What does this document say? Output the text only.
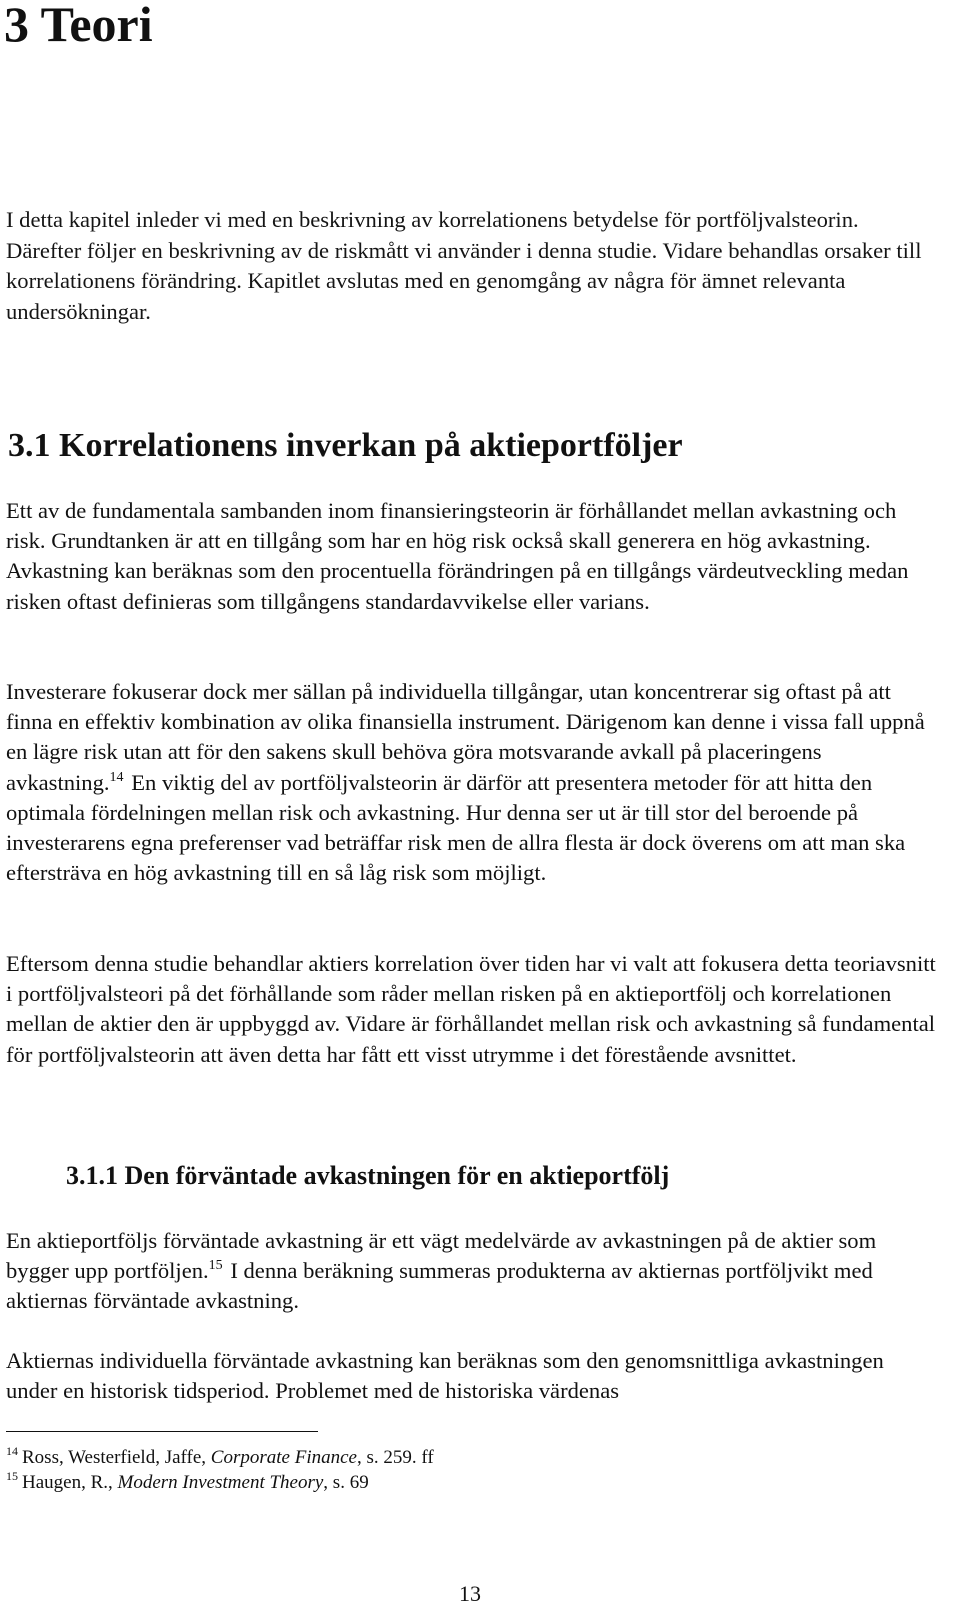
3 Teori

I detta kapitel inleder vi med en beskrivning av korrelationens betydelse för portföljvalsteorin. Därefter följer en beskrivning av de riskmått vi använder i denna studie. Vidare behandlas orsaker till korrelationens förändring. Kapitlet avslutas med en genomgång av några för ämnet relevanta undersökningar.

3.1 Korrelationens inverkan på aktieportföljer

Ett av de fundamentala sambanden inom finansieringsteorin är förhållandet mellan avkastning och risk. Grundtanken är att en tillgång som har en hög risk också skall generera en hög avkastning. Avkastning kan beräknas som den procentuella förändringen på en tillgångs värdeutveckling medan risken oftast definieras som tillgångens standardavvikelse eller varians.

Investerare fokuserar dock mer sällan på individuella tillgångar, utan koncentrerar sig oftast på att finna en effektiv kombination av olika finansiella instrument. Därigenom kan denne i vissa fall uppnå en lägre risk utan att för den sakens skull behöva göra motsvarande avkall på placeringens avkastning.$^{14}$ En viktig del av portföljvalsteorin är därför att presentera metoder för att hitta den optimala fördelningen mellan risk och avkastning. Hur denna ser ut är till stor del beroende på investerarens egna preferenser vad beträffar risk men de allra flesta är dock överens om att man ska eftersträva en hög avkastning till en så låg risk som möjligt.

Eftersom denna studie behandlar aktiers korrelation över tiden har vi valt att fokusera detta teoriavsnitt i portföljvalsteori på det förhållande som råder mellan risken på en aktieportfölj och korrelationen mellan de aktier den är uppbyggd av. Vidare är förhållandet mellan risk och avkastning så fundamental för portföljvalsteorin att även detta har fått ett visst utrymme i det förestående avsnittet.

3.1.1 Den förväntade avkastningen för en aktieportfölj

En aktieportföljs förväntade avkastning är ett vägt medelvärde av avkastningen på de aktier som bygger upp portföljen.$^{15}$ I denna beräkning summeras produkterna av aktiernas portföljvikt med aktiernas förväntade avkastning.

Aktiernas individuella förväntade avkastning kan beräknas som den genomsnittliga avkastningen under en historisk tidsperiod. Problemet med de historiska värdenas

$^{14}$ Ross, Westerfield, Jaffe, Corporate Finance, s. 259. ff

$^{15}$ Haugen, R., Modern Investment Theory, s. 69

13
